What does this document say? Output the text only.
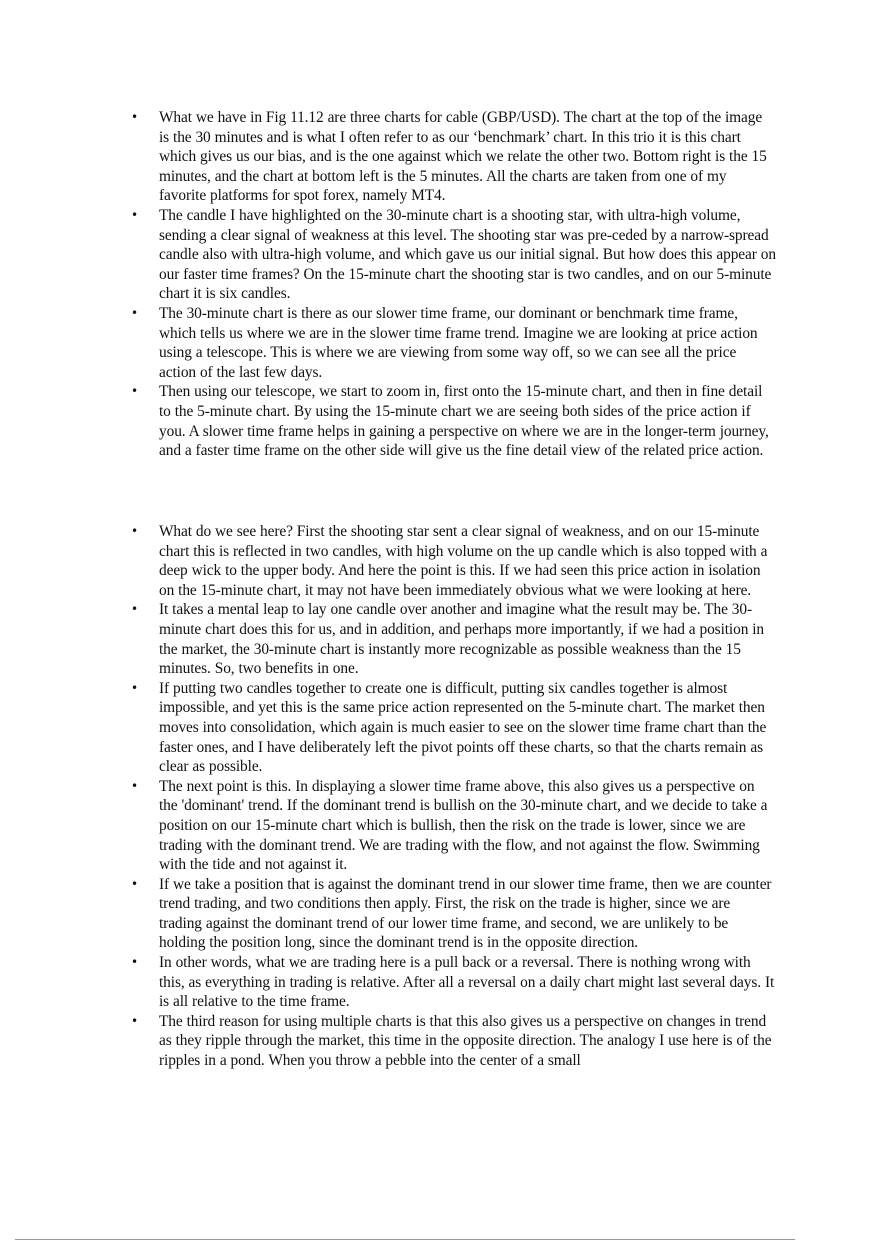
• What we have in Fig 11.12 are three charts for cable (GBP/USD). The chart at the top of the image is the 30 minutes and is what I often refer to as our ‘benchmark’ chart. In this trio it is this chart which gives us our bias, and is the one against which we relate the other two. Bottom right is the 15 minutes, and the chart at bottom left is the 5 minutes. All the charts are taken from one of my favorite platforms for spot forex, namely MT4.
• The candle I have highlighted on the 30-minute chart is a shooting star, with ultra-high volume, sending a clear signal of weakness at this level. The shooting star was pre-ceded by a narrow-spread candle also with ultra-high volume, and which gave us our initial signal. But how does this appear on our faster time frames? On the 15-minute chart the shooting star is two candles, and on our 5-minute chart it is six candles.
• The 30-minute chart is there as our slower time frame, our dominant or benchmark time frame, which tells us where we are in the slower time frame trend. Imagine we are looking at price action using a telescope. This is where we are viewing from some way off, so we can see all the price action of the last few days.
• Then using our telescope, we start to zoom in, first onto the 15-minute chart, and then in fine detail to the 5-minute chart. By using the 15-minute chart we are seeing both sides of the price action if you. A slower time frame helps in gaining a perspective on where we are in the longer-term journey, and a faster time frame on the other side will give us the fine detail view of the related price action.
• What do we see here? First the shooting star sent a clear signal of weakness, and on our 15-minute chart this is reflected in two candles, with high volume on the up candle which is also topped with a deep wick to the upper body. And here the point is this. If we had seen this price action in isolation on the 15-minute chart, it may not have been immediately obvious what we were looking at here.
• It takes a mental leap to lay one candle over another and imagine what the result may be. The 30-minute chart does this for us, and in addition, and perhaps more importantly, if we had a position in the market, the 30-minute chart is instantly more recognizable as possible weakness than the 15 minutes. So, two benefits in one.
• If putting two candles together to create one is difficult, putting six candles together is almost impossible, and yet this is the same price action represented on the 5-minute chart. The market then moves into consolidation, which again is much easier to see on the slower time frame chart than the faster ones, and I have deliberately left the pivot points off these charts, so that the charts remain as clear as possible.
• The next point is this. In displaying a slower time frame above, this also gives us a perspective on the 'dominant' trend. If the dominant trend is bullish on the 30-minute chart, and we decide to take a position on our 15-minute chart which is bullish, then the risk on the trade is lower, since we are trading with the dominant trend. We are trading with the flow, and not against the flow. Swimming with the tide and not against it.
• If we take a position that is against the dominant trend in our slower time frame, then we are counter trend trading, and two conditions then apply. First, the risk on the trade is higher, since we are trading against the dominant trend of our lower time frame, and second, we are unlikely to be holding the position long, since the dominant trend is in the opposite direction.
• In other words, what we are trading here is a pull back or a reversal. There is nothing wrong with this, as everything in trading is relative. After all a reversal on a daily chart might last several days. It is all relative to the time frame.
• The third reason for using multiple charts is that this also gives us a perspective on changes in trend as they ripple through the market, this time in the opposite direction. The analogy I use here is of the ripples in a pond. When you throw a pebble into the center of a small
